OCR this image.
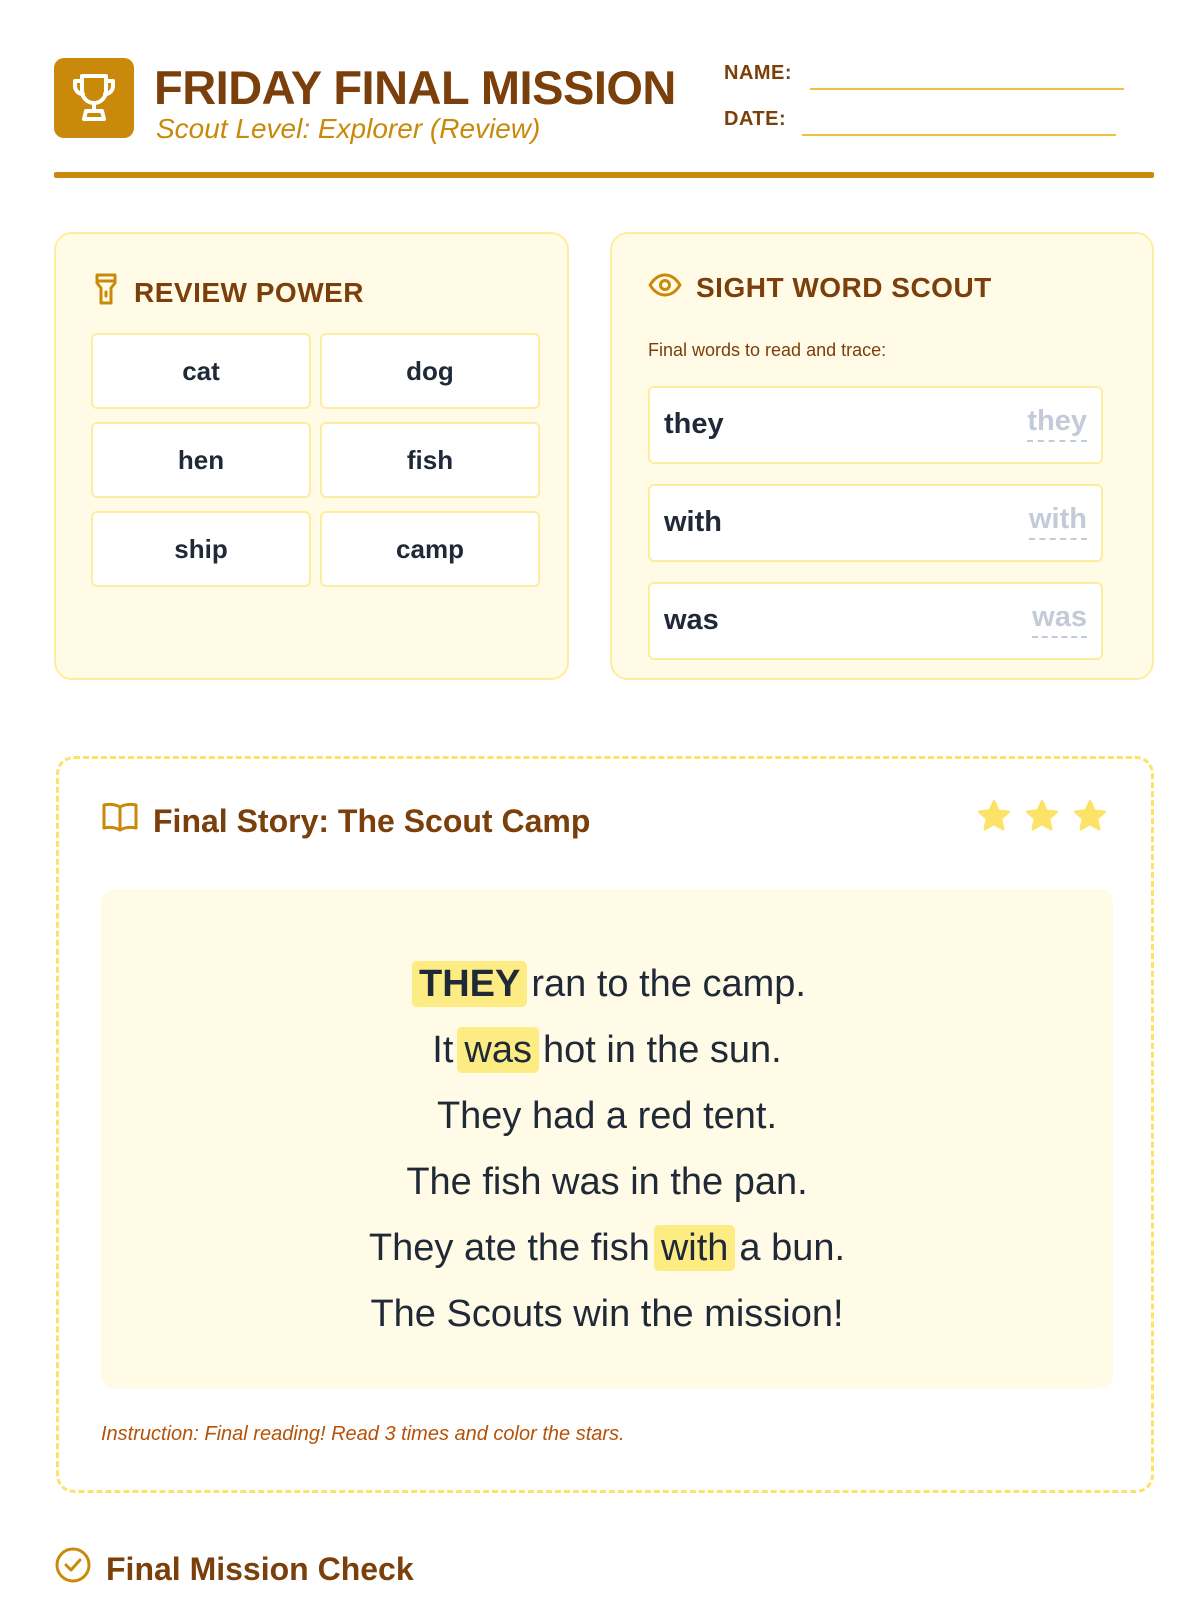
FRIDAY FINAL MISSION
Scout Level: Explorer (Review)
NAME:
DATE:
REVIEW POWER
cat	dog
hen	fish
ship	camp
SIGHT WORD SCOUT
Final words to read and trace:
they	they
with	with
was	was
Final Story: The Scout Camp
THEY ran to the camp.
It was hot in the sun.
They had a red tent.
The fish was in the pan.
They ate the fish with a bun.
The Scouts win the mission!
Instruction: Final reading! Read 3 times and color the stars.
Final Mission Check
